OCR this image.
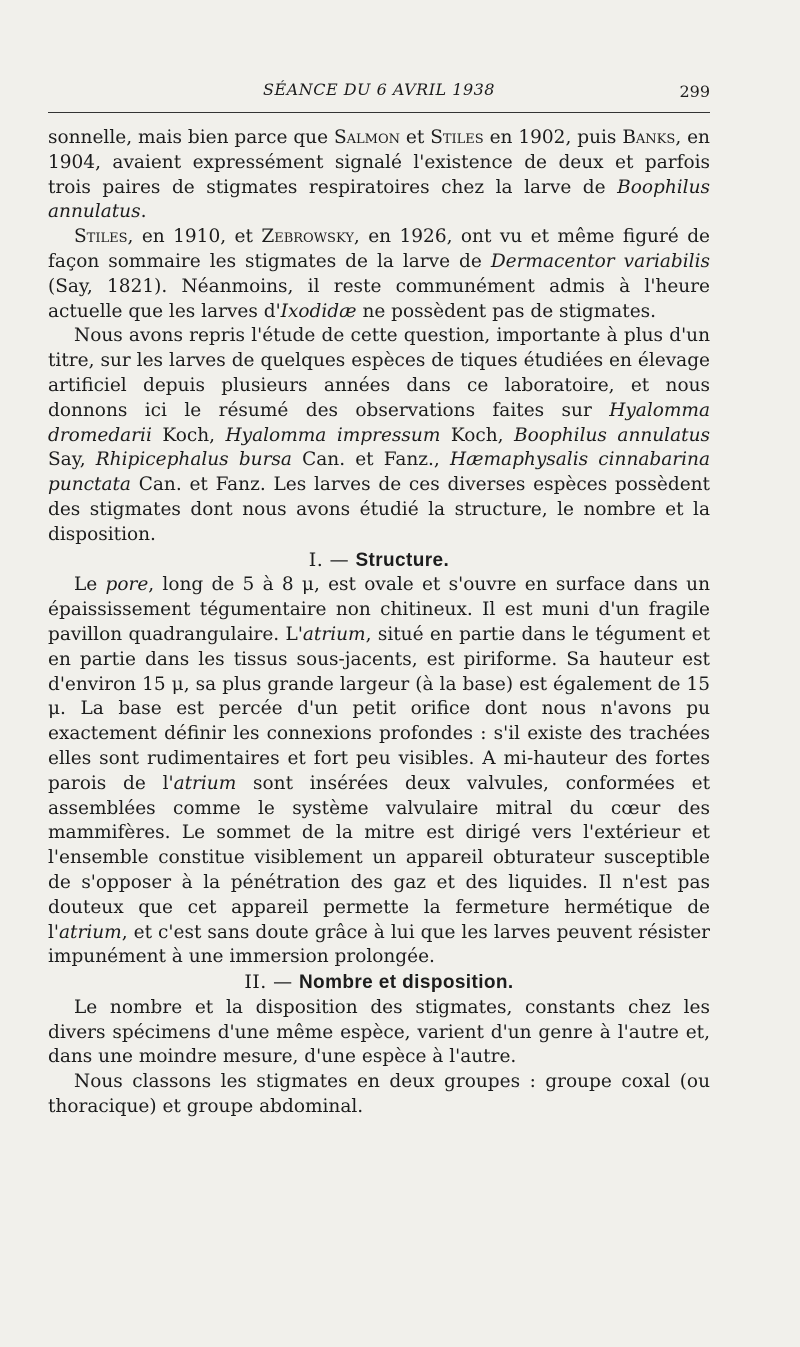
SÉANCE DU 6 AVRIL 1938	299

sonnelle, mais bien parce que Salmon et Stiles en 1902, puis Banks, en 1904, avaient expressément signalé l'existence de deux et parfois trois paires de stigmates respiratoires chez la larve de Boophilus annulatus.

Stiles, en 1910, et Zebrowsky, en 1926, ont vu et même figuré de façon sommaire les stigmates de la larve de Dermacentor variabilis (Say, 1821). Néanmoins, il reste communément admis à l'heure actuelle que les larves d'Ixodidæ ne possèdent pas de stigmates.

Nous avons repris l'étude de cette question, importante à plus d'un titre, sur les larves de quelques espèces de tiques étudiées en élevage artificiel depuis plusieurs années dans ce laboratoire, et nous donnons ici le résumé des observations faites sur Hyalomma dromedarii Koch, Hyalomma impressum Koch, Boophilus annulatus Say, Rhipicephalus bursa Can. et Fanz., Hæmaphysalis cinnabarina punctata Can. et Fanz. Les larves de ces diverses espèces possèdent des stigmates dont nous avons étudié la structure, le nombre et la disposition.

I. — Structure.

Le pore, long de 5 à 8 μ, est ovale et s'ouvre en surface dans un épaississement tégumentaire non chitineux. Il est muni d'un fragile pavillon quadrangulaire. L'atrium, situé en partie dans le tégument et en partie dans les tissus sous-jacents, est piriforme. Sa hauteur est d'environ 15 μ, sa plus grande largeur (à la base) est également de 15 μ. La base est percée d'un petit orifice dont nous n'avons pu exactement définir les connexions profondes : s'il existe des trachées elles sont rudimentaires et fort peu visibles. A mi-hauteur des fortes parois de l'atrium sont insérées deux valvules, conformées et assemblées comme le système valvulaire mitral du cœur des mammifères. Le sommet de la mitre est dirigé vers l'extérieur et l'ensemble constitue visiblement un appareil obturateur susceptible de s'opposer à la pénétration des gaz et des liquides. Il n'est pas douteux que cet appareil permette la fermeture hermétique de l'atrium, et c'est sans doute grâce à lui que les larves peuvent résister impunément à une immersion prolongée.

II. — Nombre et disposition.

Le nombre et la disposition des stigmates, constants chez les divers spécimens d'une même espèce, varient d'un genre à l'autre et, dans une moindre mesure, d'une espèce à l'autre.

Nous classons les stigmates en deux groupes : groupe coxal (ou thoracique) et groupe abdominal.
